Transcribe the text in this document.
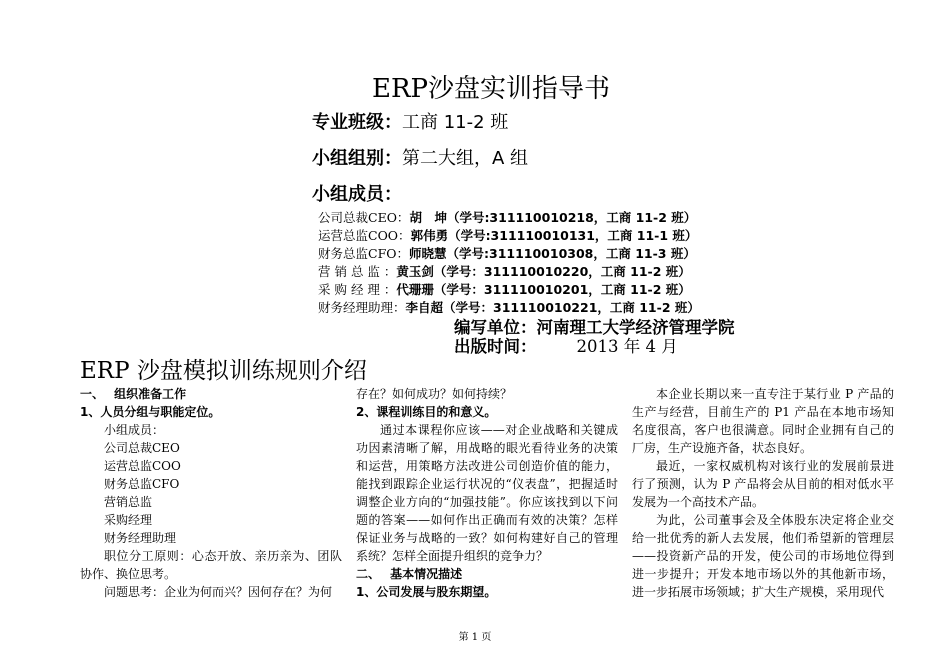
ERP沙盘实训指导书
专业班级：工商 11-2 班
小组组别：第二大组，A 组
小组成员：
公司总裁CEO：胡　坤（学号:311110010218，工商 11-2 班）
运营总监COO：郭伟勇（学号:311110010131，工商 11-1 班）
财务总监CFO：师晓慧（学号:311110010308，工商 11-3 班）
营 销 总 监 ：黄玉剑（学号：311110010220，工商 11-2 班）
采 购 经 理 ：代珊珊（学号：311110010201，工商 11-2 班）
财务经理助理：李自超（学号：311110010221，工商 11-2 班）
编写单位：河南理工大学经济管理学院
出版时间： 2013 年 4 月
ERP 沙盘模拟训练规则介绍

一、　 组织准备工作

1、人员分组与职能定位。

小组成员：

公司总裁CEO

运营总监COO

财务总监CFO

营销总监

采购经理

财务经理助理

职位分工原则：心态开放、亲历亲为、团队协作、换位思考。

问题思考：企业为何而兴？因何存在？为何

存在？如何成功？如何持续？

2、课程训练目的和意义。

通过本课程你应该——对企业战略和关键成功因素清晰了解，用战略的眼光看待业务的决策和运营，用策略方法改进公司创造价值的能力，能找到跟踪企业运行状况的“仪表盘”，把握适时调整企业方向的“加强技能”。你应该找到以下问题的答案——如何作出正确而有效的决策？怎样保证业务与战略的一致？如何构建好自己的管理系统？怎样全面提升组织的竞争力？

二、　 基本情况描述

1、公司发展与股东期望。

本企业长期以来一直专注于某行业 P 产品的生产与经营，目前生产的 P1 产品在本地市场知名度很高，客户也很满意。同时企业拥有自己的厂房，生产设施齐备，状态良好。

最近，一家权威机构对该行业的发展前景进行了预测，认为 P 产品将会从目前的相对低水平发展为一个高技术产品。

为此，公司董事会及全体股东决定将企业交给一批优秀的新人去发展，他们希望新的管理层——投资新产品的开发，使公司的市场地位得到进一步提升；开发本地市场以外的其他新市场，进一步拓展市场领域；扩大生产规模，采用现代

第 1 页
